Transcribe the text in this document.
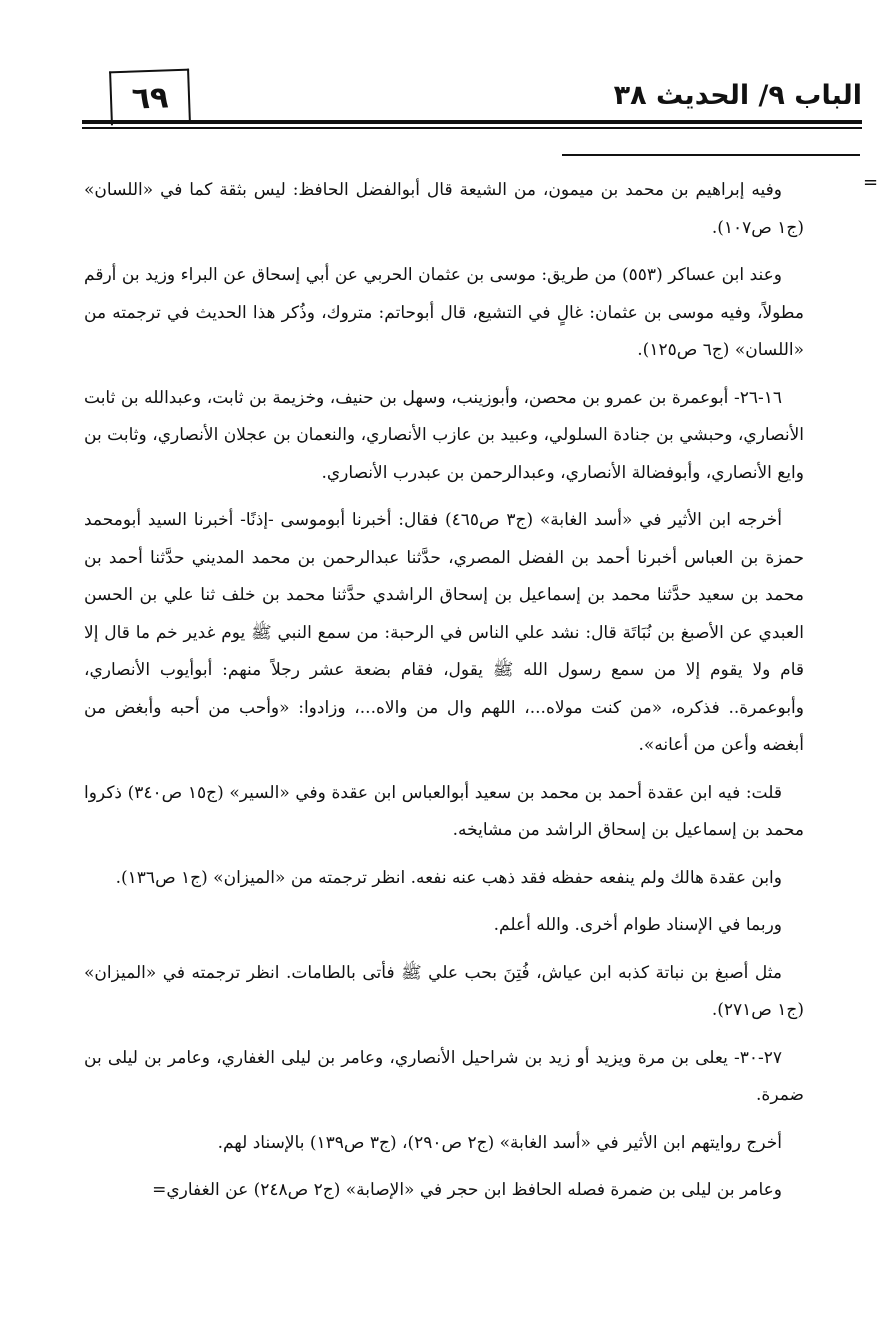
٦٩	الباب ٩/ الحديث ٣٨
=

وفيه إبراهيم بن محمد بن ميمون، من الشيعة قال أبوالفضل الحافظ: ليس بثقة كما في «اللسان» (ج١ ص١٠٧).

وعند ابن عساكر (٥٥٣) من طريق: موسى بن عثمان الحربي عن أبي إسحاق عن البراء وزيد بن أرقم مطولاً، وفيه موسى بن عثمان: غالٍ في التشيع، قال أبوحاتم: متروك، وذُكر هذا الحديث في ترجمته من «اللسان» (ج٦ ص١٢٥).

١٦-٢٦- أبوعمرة بن عمرو بن محصن، وأبوزينب، وسهل بن حنيف، وخزيمة بن ثابت، وعبدالله بن ثابت الأنصاري، وحبشي بن جنادة السلولي، وعبيد بن عازب الأنصاري، والنعمان بن عجلان الأنصاري، وثابت بن وايع الأنصاري، وأبوفضالة الأنصاري، وعبدالرحمن بن عبدرب الأنصاري.

أخرجه ابن الأثير في «أسد الغابة» (ج٣ ص٤٦٥) فقال: أخبرنا أبوموسى -إذنًا- أخبرنا السيد أبومحمد حمزة بن العباس أخبرنا أحمد بن الفضل المصري، حدَّثنا عبدالرحمن بن محمد المديني حدَّثنا أحمد بن محمد بن سعيد حدَّثنا محمد بن إسماعيل بن إسحاق الراشدي حدَّثنا محمد بن خلف ثنا علي بن الحسن العبدي عن الأصبغ بن نُبَاتَة قال: نشد علي الناس في الرحبة: من سمع النبي ﷺ يوم غدير خم ما قال إلا قام ولا يقوم إلا من سمع رسول الله ﷺ يقول، فقام بضعة عشر رجلاً منهم: أبوأيوب الأنصاري، وأبوعمرة.. فذكره، «من كنت مولاه...، اللهم وال من والاه...، وزادوا: «وأحب من أحبه وأبغض من أبغضه وأعن من أعانه».

قلت: فيه ابن عقدة أحمد بن محمد بن سعيد أبوالعباس ابن عقدة وفي «السير» (ج١٥ ص٣٤٠) ذكروا محمد بن إسماعيل بن إسحاق الراشد من مشايخه.

وابن عقدة هالك ولم ينفعه حفظه فقد ذهب عنه نفعه. انظر ترجمته من «الميزان» (ج١ ص١٣٦).

وربما في الإسناد طوام أخرى. والله أعلم.

مثل أصبغ بن نباتة كذبه ابن عياش، فُتِنَ بحب علي ﷺ فأتى بالطامات. انظر ترجمته في «الميزان» (ج١ ص٢٧١).

٢٧-٣٠- يعلى بن مرة ويزيد أو زيد بن شراحيل الأنصاري، وعامر بن ليلى الغفاري، وعامر بن ليلى بن ضمرة.

أخرج روايتهم ابن الأثير في «أسد الغابة» (ج٢ ص٢٩٠)، (ج٣ ص١٣٩) بالإسناد لهم.

وعامر بن ليلى بن ضمرة فصله الحافظ ابن حجر في «الإصابة» (ج٢ ص٢٤٨) عن الغفاري=
